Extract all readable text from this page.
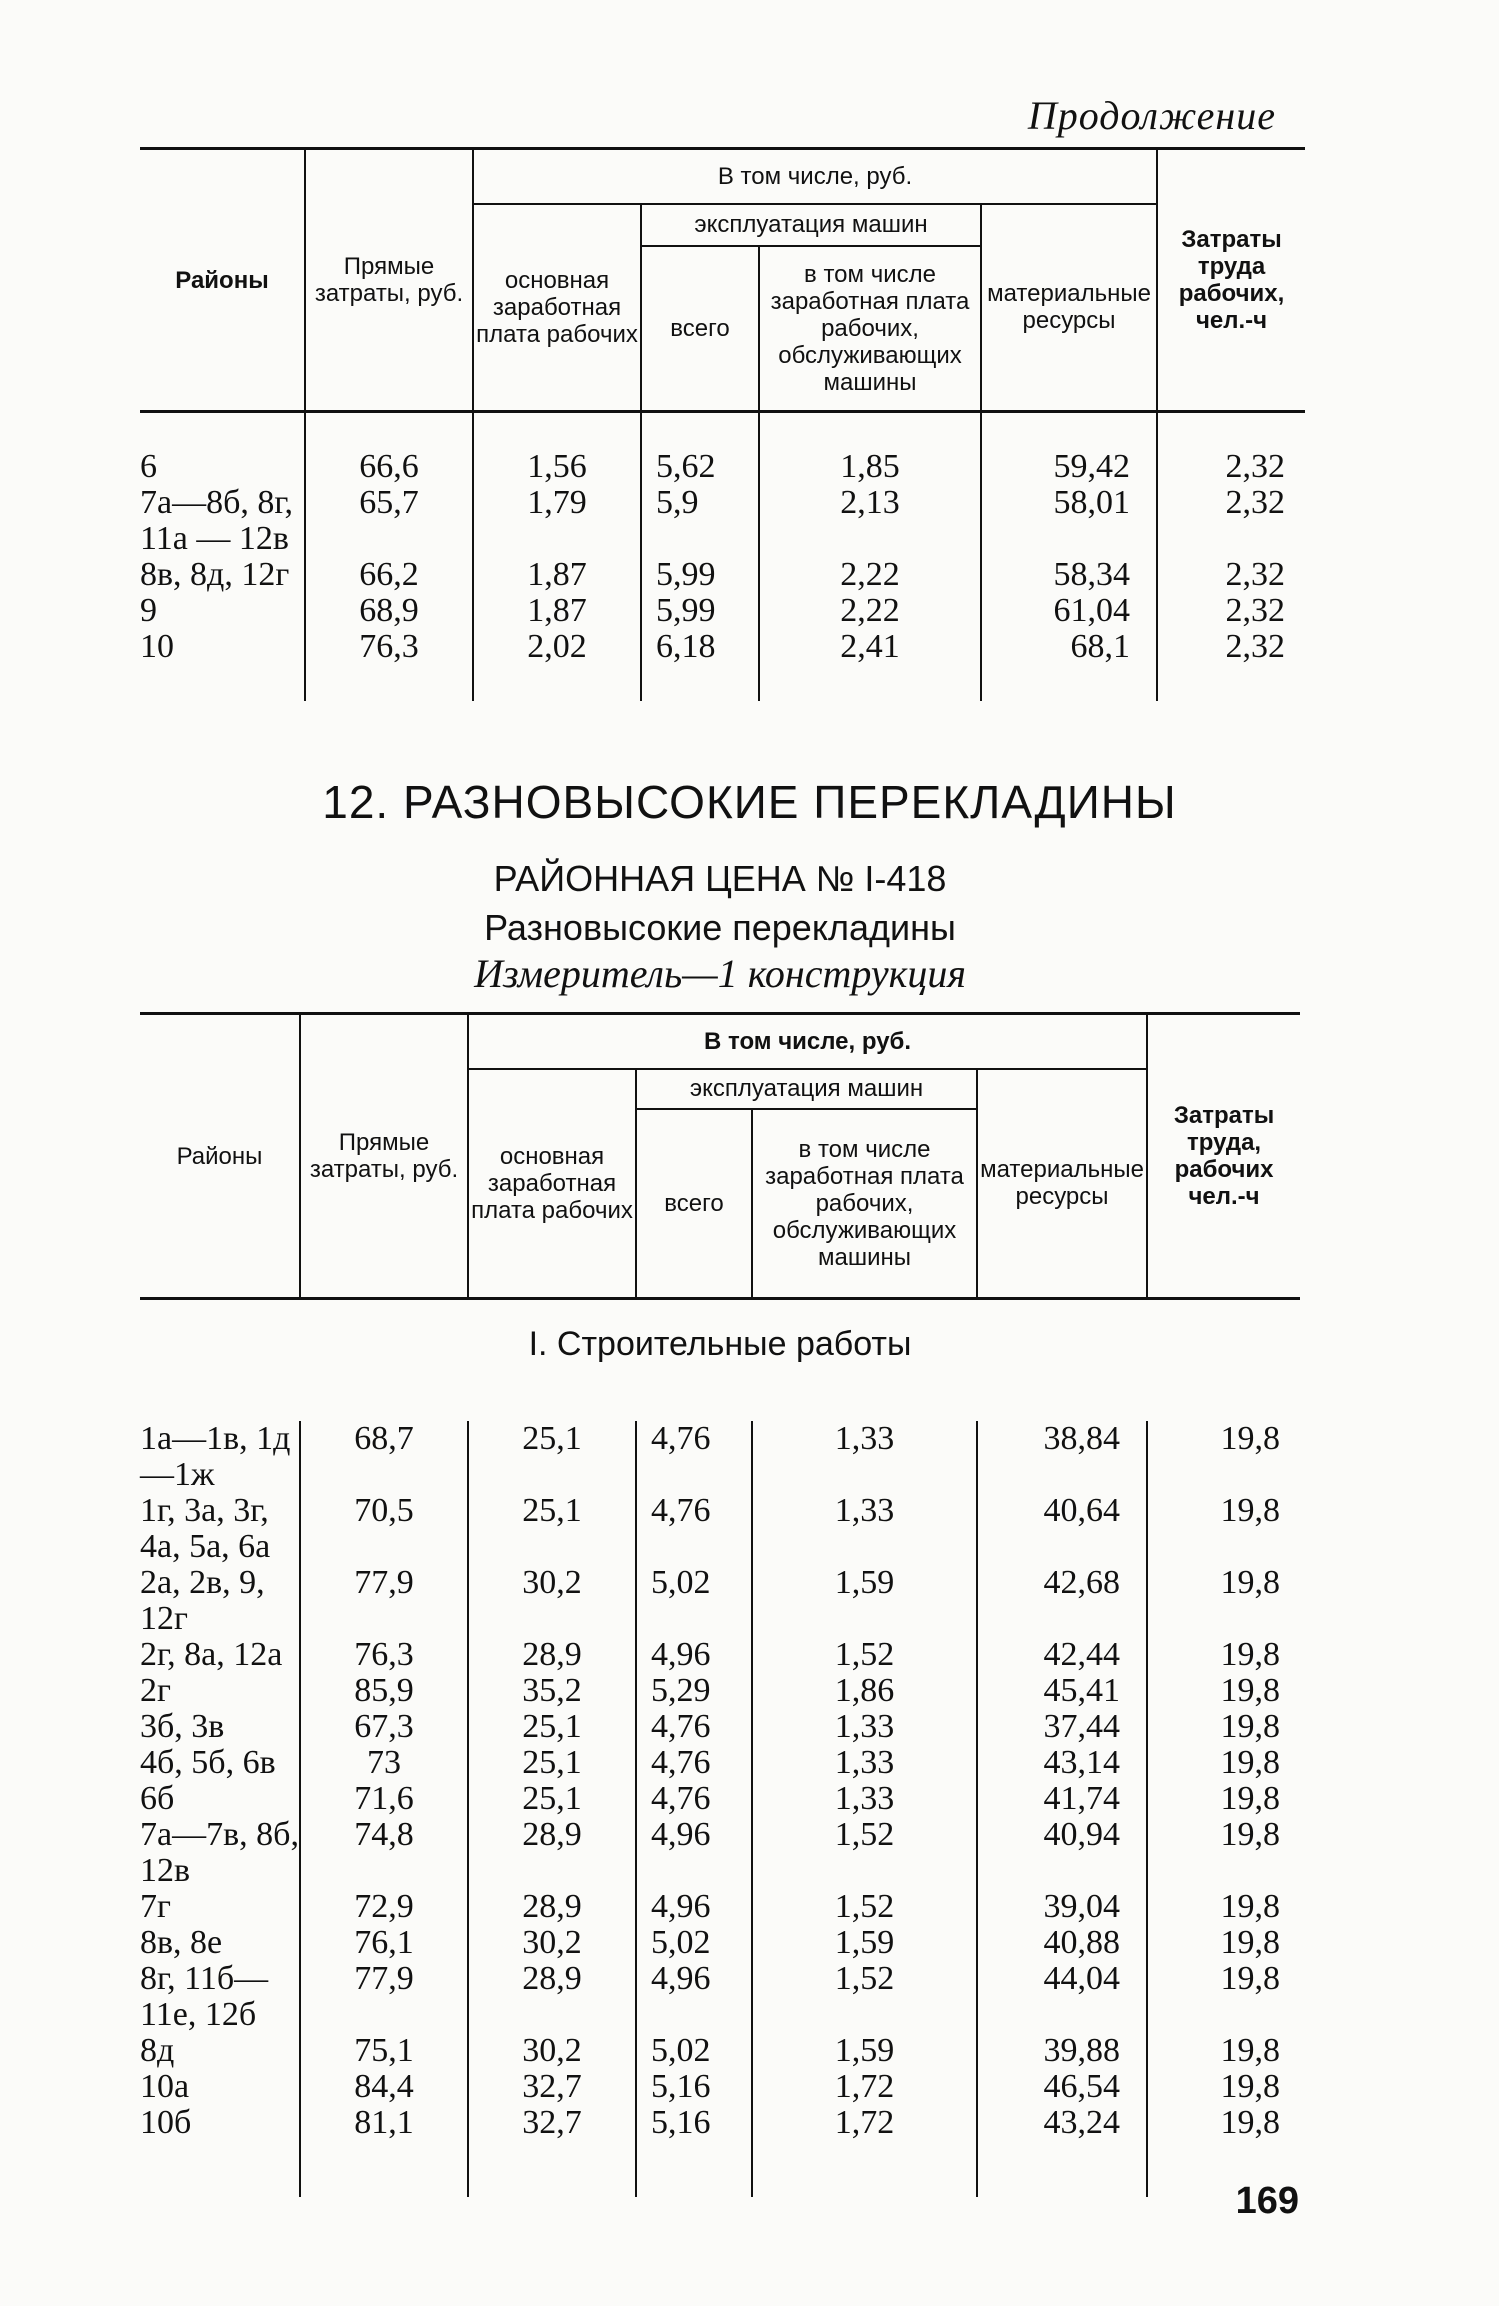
Продолжение
Районы	Прямые затраты, руб.	В том числе, руб.				Затраты труда рабочих, чел.-ч
		основная заработная плата рабочих	эксплуатация машин		материальные ресурсы	
			всего	в том числе заработная плата рабочих, обслуживающих машины		
6	66,6	1,56	5,62	1,85	59,42	2,32
7а—8б, 8г, 11а — 12в	65,7	1,79	5,9	2,13	58,01	2,32
8в, 8д, 12г	66,2	1,87	5,99	2,22	58,34	2,32
9	68,9	1,87	5,99	2,22	61,04	2,32
10	76,3	2,02	6,18	2,41	68,1	2,32
12. РАЗНОВЫСОКИЕ ПЕРЕКЛАДИНЫ
РАЙОННАЯ ЦЕНА № I-418
Разновысокие перекладины
Измеритель—1 конструкция
Районы	Прямые затраты, руб.	В том числе, руб.				Затраты труда, рабочих чел.-ч
		основная заработная плата рабочих	эксплуатация машин		материальные ресурсы	
			всего	в том числе заработная плата рабочих, обслуживающих машины		

1а—1в, 1д—1ж	68,7	25,1	4,76	1,33	38,84	19,8
1г, 3а, 3г, 4а, 5а, 6а	70,5	25,1	4,76	1,33	40,64	19,8
2а, 2в, 9, 12г	77,9	30,2	5,02	1,59	42,68	19,8
2г, 8а, 12а	76,3	28,9	4,96	1,52	42,44	19,8
2г	85,9	35,2	5,29	1,86	45,41	19,8
3б, 3в	67,3	25,1	4,76	1,33	37,44	19,8
4б, 5б, 6в	73	25,1	4,76	1,33	43,14	19,8
6б	71,6	25,1	4,76	1,33	41,74	19,8
7а—7в, 8б, 12в	74,8	28,9	4,96	1,52	40,94	19,8
7г	72,9	28,9	4,96	1,52	39,04	19,8
8в, 8е	76,1	30,2	5,02	1,59	40,88	19,8
8г, 11б— 11е, 12б	77,9	28,9	4,96	1,52	44,04	19,8
8д	75,1	30,2	5,02	1,59	39,88	19,8
10а	84,4	32,7	5,16	1,72	46,54	19,8
10б	81,1	32,7	5,16	1,72	43,24	19,8
I. Строительные работы
169
